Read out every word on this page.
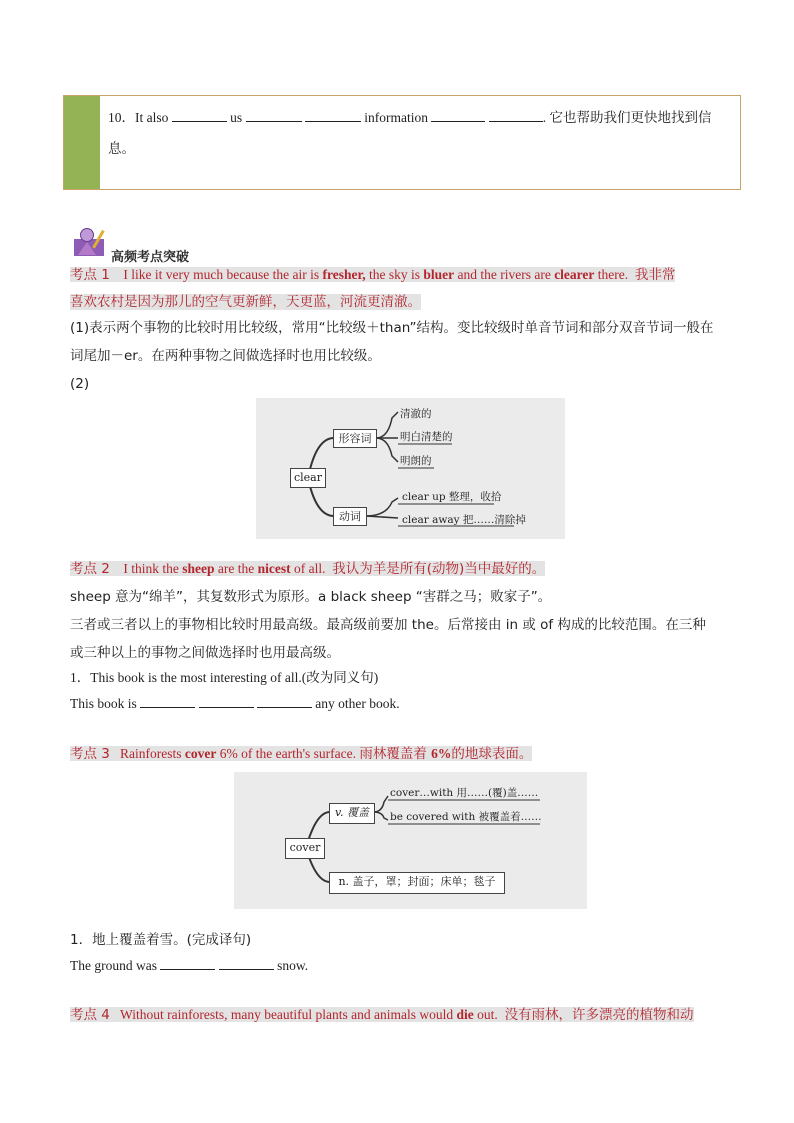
10．It also	us	information	. 它也帮助我们更快地找到信
息。
高频考点突破
考点 1 I like it very much because the air is fresher, the sky is bluer and the rivers are clearer there. 我非常
喜欢农村是因为那儿的空气更新鲜，天更蓝，河流更清澈。
(1)表示两个事物的比较时用比较级，常用“比较级＋than”结构。变比较级时单音节词和部分双音节词一般在
词尾加－er。在两种事物之间做选择时也用比较级。
(2)
clear
形容词
动词
清澈的
明白清楚的
明朗的
clear up 整理，收拾
clear away 把……清除掉
考点 2 I think the sheep are the nicest of all. 我认为羊是所有(动物)当中最好的。
sheep 意为“绵羊”，其复数形式为原形。a black sheep “害群之马；败家子”。
三者或三者以上的事物相比较时用最高级。最高级前要加 the。后常接由 in 或 of 构成的比较范围。在三种
或三种以上的事物之间做选择时也用最高级。
1．This book is the most interesting of all.(改为同义句)
This book is	any other book.
考点 3 Rainforests cover 6% of the earth's surface. 雨林覆盖着 6%的地球表面。
cover
v. 覆盖
cover…with 用……(覆)盖……
be covered with 被覆盖着……
n. 盖子，罩；封面；床单；毯子
1．地上覆盖着雪。(完成译句)
The ground was	snow.
考点 4 Without rainforests, many beautiful plants and animals would die out. 没有雨林，许多漂亮的植物和动
